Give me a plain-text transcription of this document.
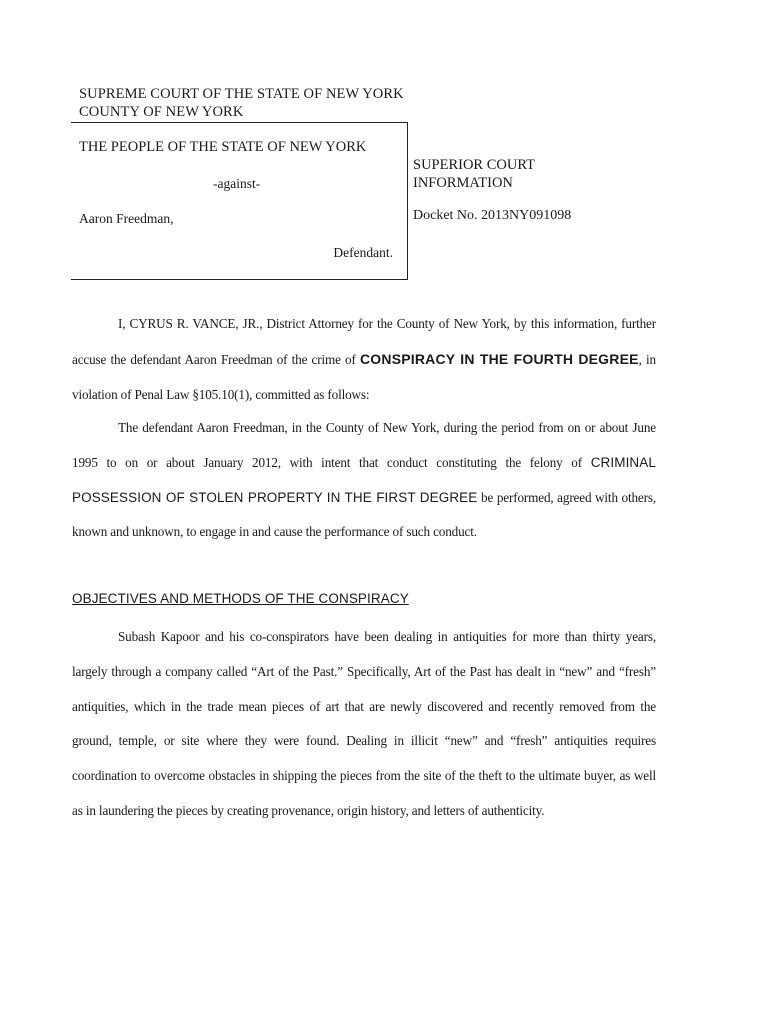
SUPREME COURT OF THE STATE OF NEW YORK
COUNTY OF NEW YORK
THE PEOPLE OF THE STATE OF NEW YORK
-against-
Aaron Freedman,
Defendant.
SUPERIOR COURT
INFORMATION
Docket No. 2013NY091098

I, CYRUS R. VANCE, JR., District Attorney for the County of New York, by this information, further accuse the defendant Aaron Freedman of the crime of CONSPIRACY IN THE FOURTH DEGREE, in violation of Penal Law §105.10(1), committed as follows:

The defendant Aaron Freedman, in the County of New York, during the period from on or about June 1995 to on or about January 2012, with intent that conduct constituting the felony of CRIMINAL POSSESSION OF STOLEN PROPERTY IN THE FIRST DEGREE be performed, agreed with others, known and unknown, to engage in and cause the performance of such conduct.

OBJECTIVES AND METHODS OF THE CONSPIRACY

Subash Kapoor and his co-conspirators have been dealing in antiquities for more than thirty years, largely through a company called “Art of the Past.” Specifically, Art of the Past has dealt in “new” and “fresh” antiquities, which in the trade mean pieces of art that are newly discovered and recently removed from the ground, temple, or site where they were found. Dealing in illicit “new” and “fresh” antiquities requires coordination to overcome obstacles in shipping the pieces from the site of the theft to the ultimate buyer, as well as in laundering the pieces by creating provenance, origin history, and letters of authenticity.
